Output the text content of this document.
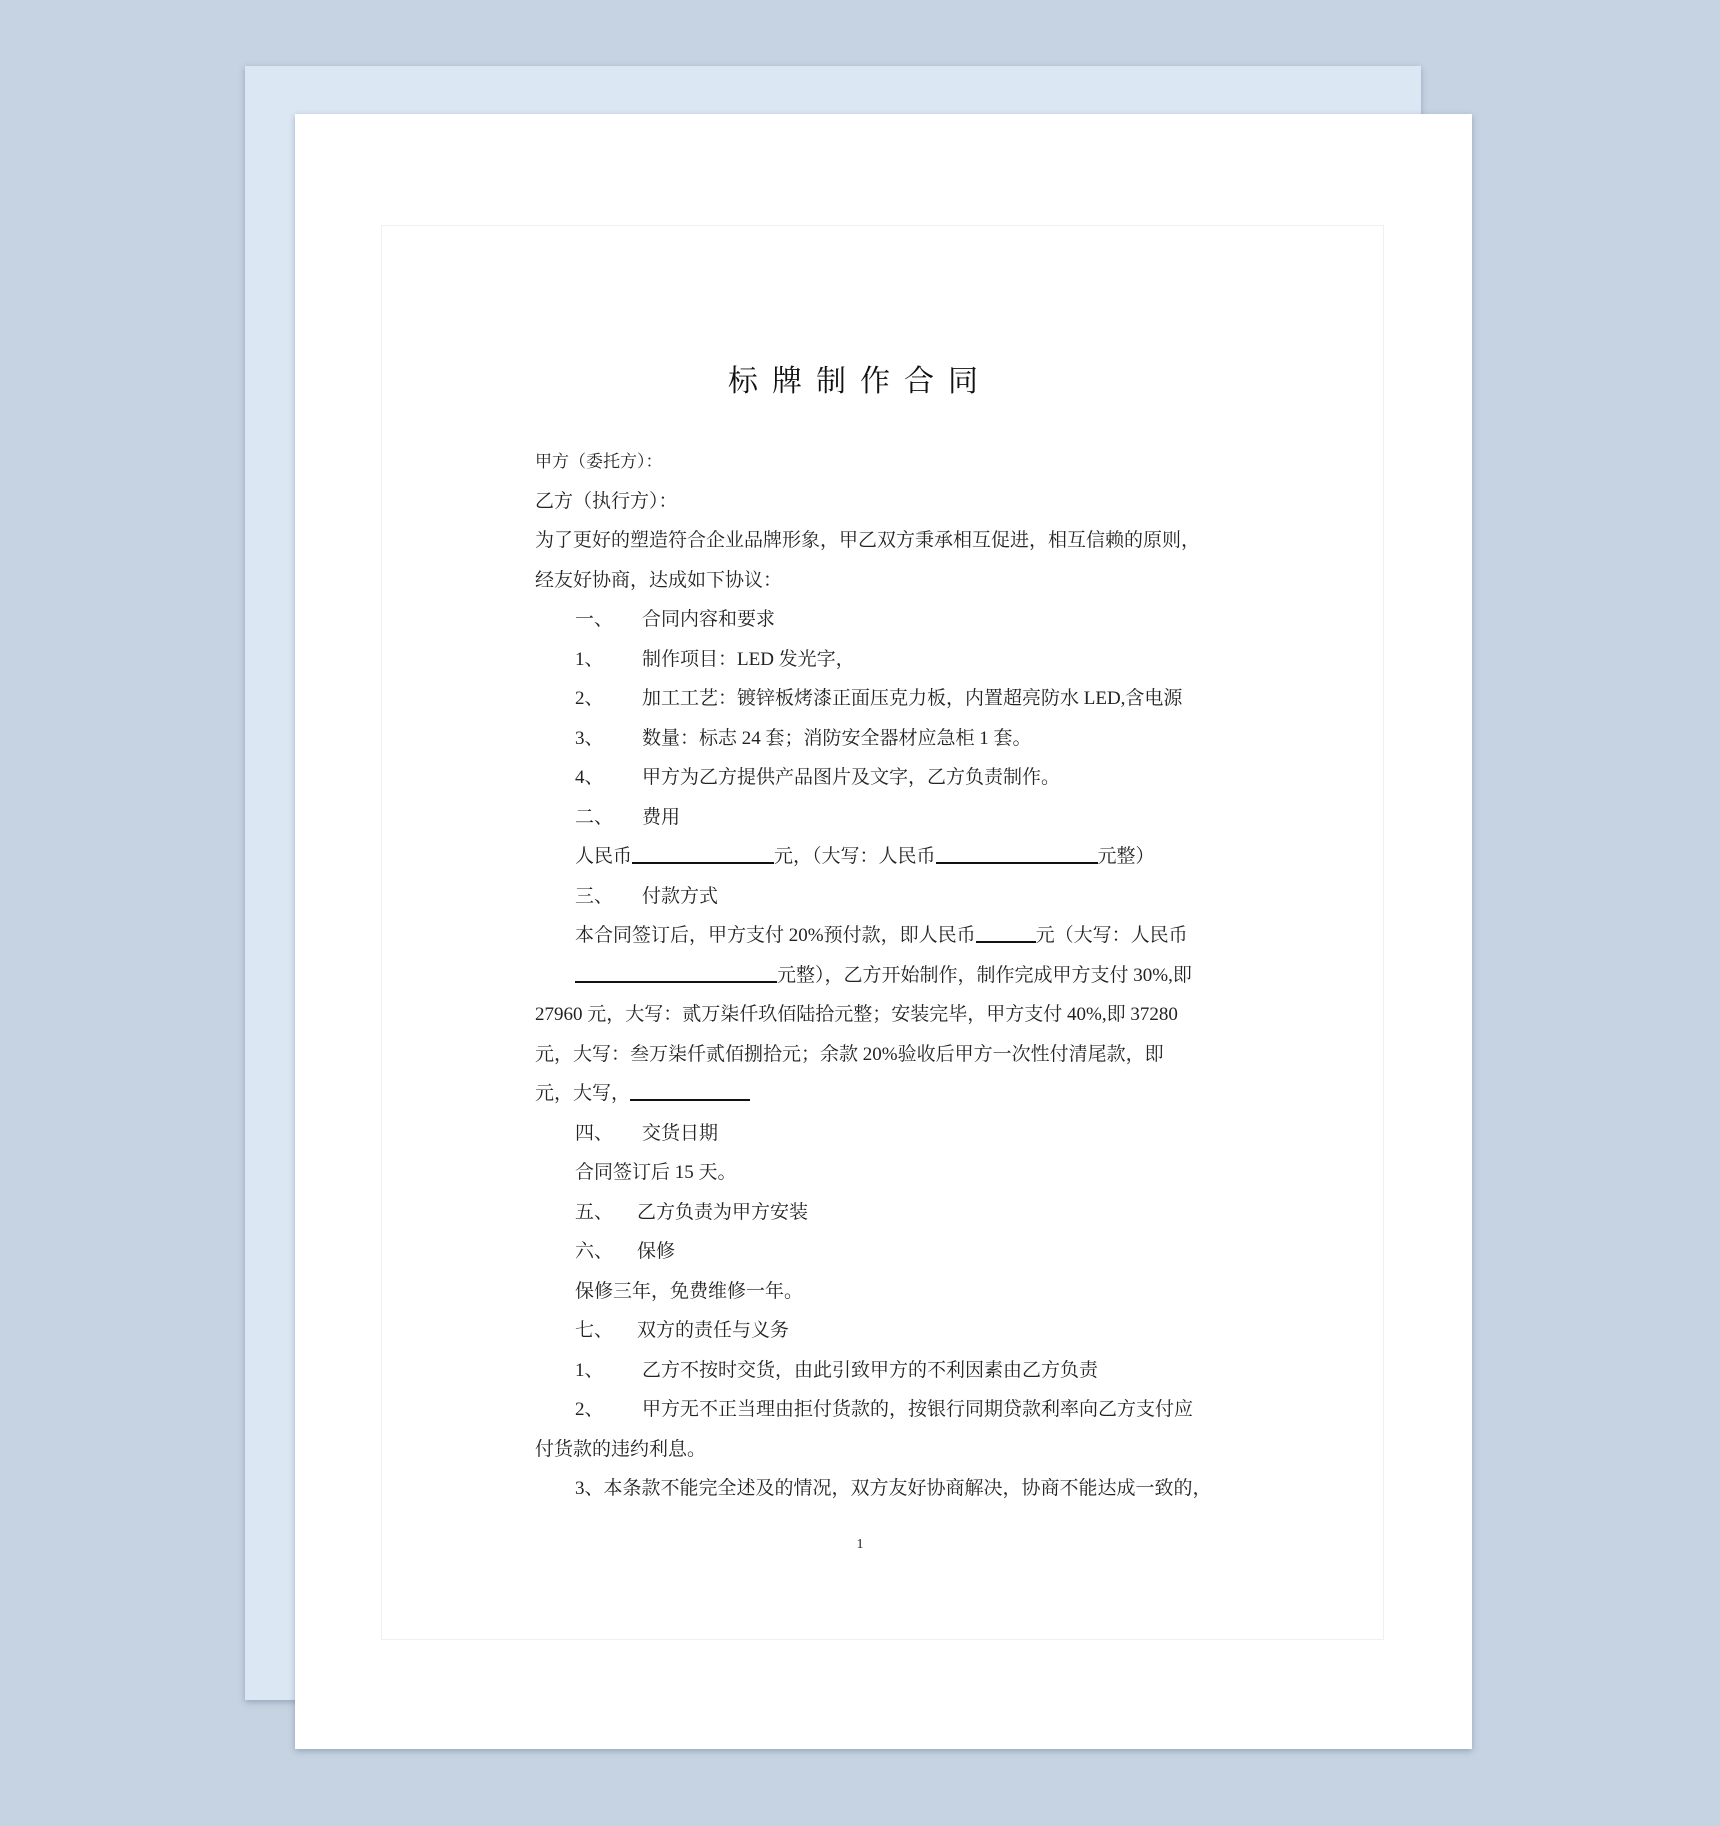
标牌制作合同
甲方（委托方）：
乙方（执行方）：
为了更好的塑造符合企业品牌形象，甲乙双方秉承相互促进，相互信赖的原则，
经友好协商，达成如下协议：
一、 合同内容和要求
1、 制作项目：LED 发光字，
2、 加工工艺：镀锌板烤漆正面压克力板，内置超亮防水 LED,含电源
3、 数量：标志 24 套；消防安全器材应急柜 1 套。
4、 甲方为乙方提供产品图片及文字，乙方负责制作。
二、 费用
人民币	元，（大写：人民币	元整）
三、 付款方式
本合同签订后，甲方支付 20%预付款，即人民币	元（大写：人民币
元整），乙方开始制作，制作完成甲方支付 30%,即
27960 元，大写：贰万柒仟玖佰陆拾元整；安装完毕，甲方支付 40%,即 37280
元，大写：叁万柒仟贰佰捌拾元；余款 20%验收后甲方一次性付清尾款，即
元，大写，
四、 交货日期
合同签订后 15 天。
五、 乙方负责为甲方安装
六、 保修
保修三年，免费维修一年。
七、 双方的责任与义务
1、 乙方不按时交货，由此引致甲方的不利因素由乙方负责
2、 甲方无不正当理由拒付货款的，按银行同期贷款利率向乙方支付应
付货款的违约利息。
3、本条款不能完全述及的情况，双方友好协商解决，协商不能达成一致的，
1
